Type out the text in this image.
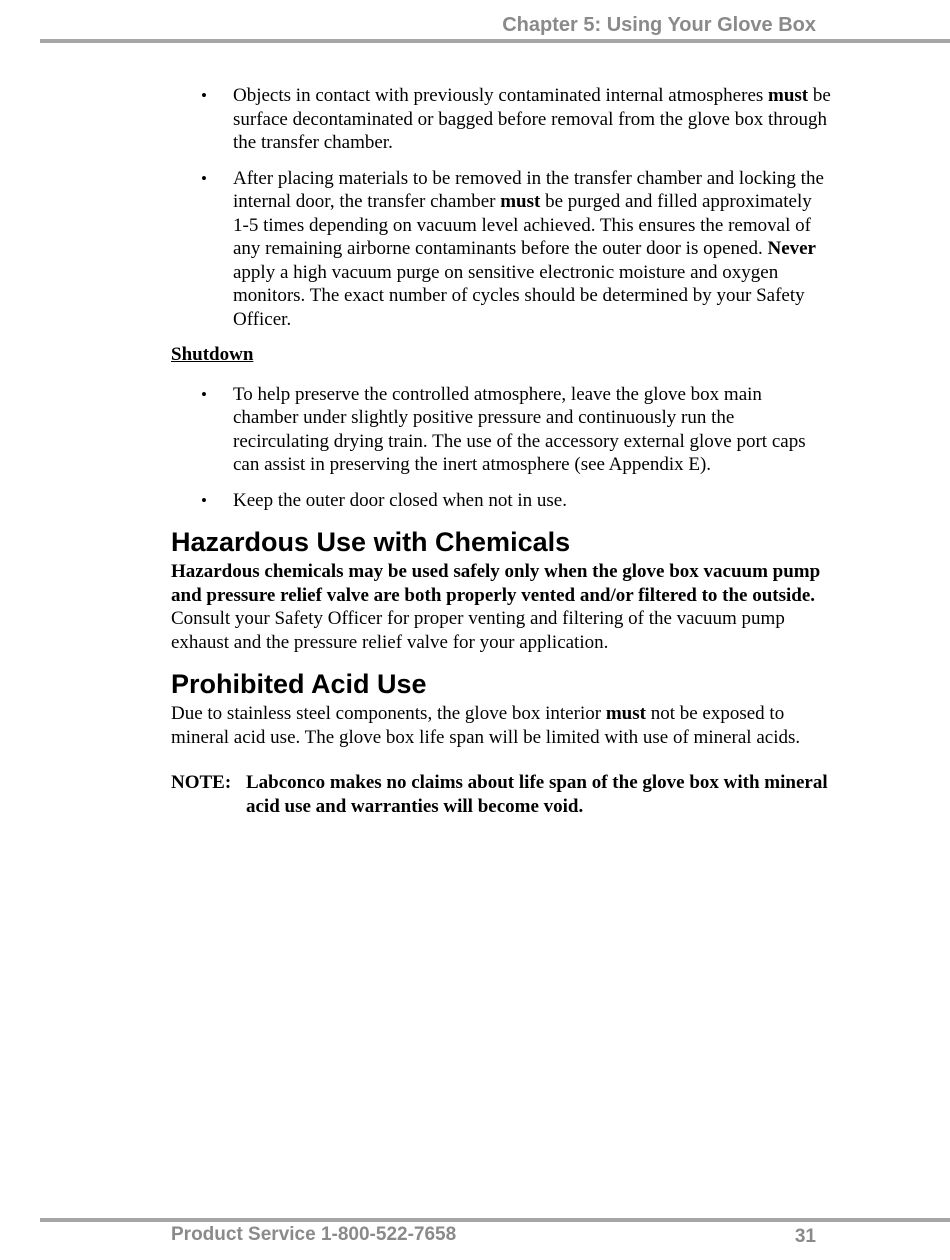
Chapter 5: Using Your Glove Box
• Objects in contact with previously contaminated internal atmospheres must be surface decontaminated or bagged before removal from the glove box through the transfer chamber.
• After placing materials to be removed in the transfer chamber and locking the internal door, the transfer chamber must be purged and filled approximately 1-5 times depending on vacuum level achieved. This ensures the removal of any remaining airborne contaminants before the outer door is opened. Never apply a high vacuum purge on sensitive electronic moisture and oxygen monitors. The exact number of cycles should be determined by your Safety Officer.
Shutdown
• To help preserve the controlled atmosphere, leave the glove box main chamber under slightly positive pressure and continuously run the recirculating drying train. The use of the accessory external glove port caps can assist in preserving the inert atmosphere (see Appendix E).
• Keep the outer door closed when not in use.
Hazardous Use with Chemicals

Hazardous chemicals may be used safely only when the glove box vacuum pump and pressure relief valve are both properly vented and/or filtered to the outside. Consult your Safety Officer for proper venting and filtering of the vacuum pump exhaust and the pressure relief valve for your application.

Prohibited Acid Use

Due to stainless steel components, the glove box interior must not be exposed to mineral acid use. The glove box life span will be limited with use of mineral acids.

NOTE: Labconco makes no claims about life span of the glove box with mineral acid use and warranties will become void.
Product Service 1-800-522-7658	31
